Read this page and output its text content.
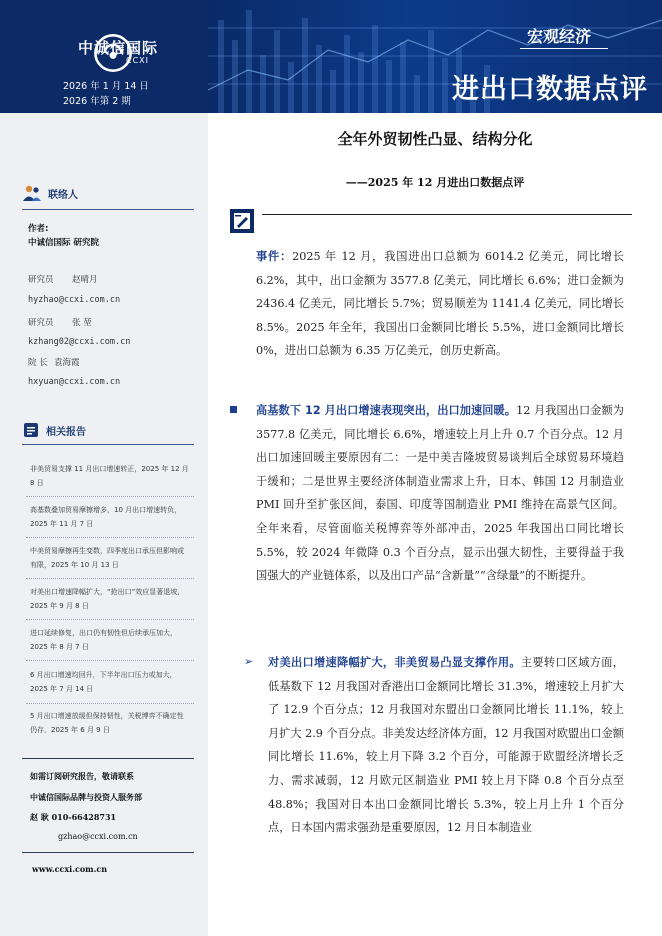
中诚信国际
CCXI
2026 年 1 月 14 日
2026 年第 2 期
宏观经济
进出口数据点评
联络人
作者:
中诚信国际 研究院
研究员 赵晴月
hyzhao@ccxi.com.cn
研究员 张 堃
kzhang02@ccxi.com.cn
院 长 袁海霞
hxyuan@ccxi.com.cn
相关报告
非美贸易支撑 11 月出口增速转正，2025 年 12 月 8 日
高基数叠加贸易摩擦增多，10 月出口增速转负，2025 年 11 月 7 日
中美贸易摩擦再生变数，四季度出口承压但影响或有限，2025 年 10 月 13 日
对美出口增速降幅扩大，“抢出口”效应显著退坡，2025 年 9 月 8 日
进口延续修复，出口仍有韧性但后续承压加大，2025 年 8 月 7 日
6 月出口增速均回升，下半年出口压力或加大，2025 年 7 月 14 日
5 月出口增速放缓但保持韧性，关税博弈不确定性仍存，2025 年 6 月 9 日
如需订阅研究报告，敬请联系
中诚信国际品牌与投资人服务部
赵 耿 010-66428731
gzhao@ccxi.com.cn
www.ccxi.com.cn
全年外贸韧性凸显、结构分化
——2025 年 12 月进出口数据点评

事件：2025 年 12 月，我国进出口总额为 6014.2 亿美元，同比增长 6.2%，其中，出口金额为 3577.8 亿美元，同比增长 6.6%；进口金额为 2436.4 亿美元，同比增长 5.7%；贸易顺差为 1141.4 亿美元，同比增长 8.5%。2025 年全年，我国出口金额同比增长 5.5%，进口金额同比增长 0%，进出口总额为 6.35 万亿美元，创历史新高。

高基数下 12 月出口增速表现突出，出口加速回暖。12 月我国出口金额为 3577.8 亿美元，同比增长 6.6%，增速较上月上升 0.7 个百分点。12 月出口加速回暖主要原因有二：一是中美吉隆坡贸易谈判后全球贸易环境趋于缓和；二是世界主要经济体制造业需求上升，日本、韩国 12 月制造业 PMI 回升至扩张区间，泰国、印度等国制造业 PMI 维持在高景气区间。全年来看，尽管面临关税博弈等外部冲击，2025 年我国出口同比增长 5.5%，较 2024 年微降 0.3 个百分点，显示出强大韧性，主要得益于我国强大的产业链体系，以及出口产品“含新量”“含绿量”的不断提升。

➢ 对美出口增速降幅扩大，非美贸易凸显支撑作用。主要转口区域方面，低基数下 12 月我国对香港出口金额同比增长 31.3%，增速较上月扩大了 12.9 个百分点；12 月我国对东盟出口金额同比增长 11.1%，较上月扩大 2.9 个百分点。非美发达经济体方面，12 月我国对欧盟出口金额同比增长 11.6%，较上月下降 3.2 个百分，可能源于欧盟经济增长乏力、需求减弱，12 月欧元区制造业 PMI 较上月下降 0.8 个百分点至 48.8%；我国对日本出口金额同比增长 5.3%，较上月上升 1 个百分点，日本国内需求强劲是重要原因，12 月日本制造业
